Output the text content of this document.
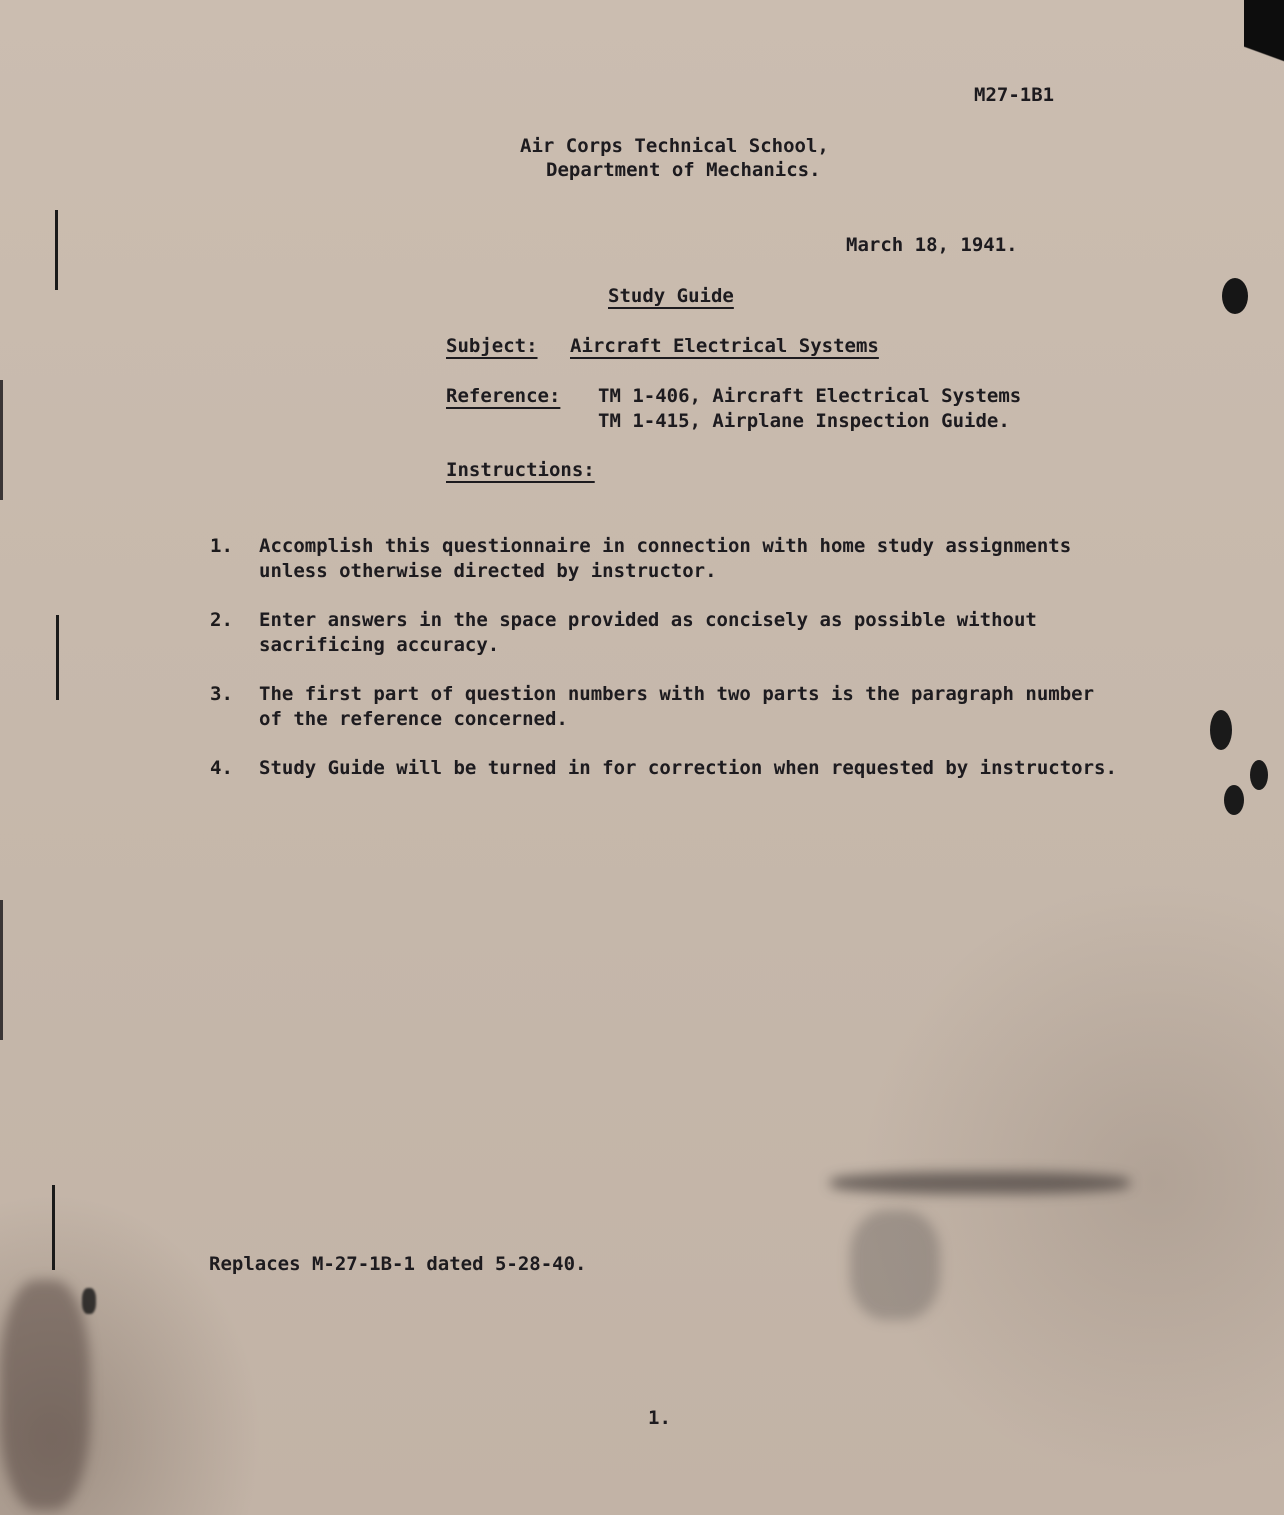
M27-1B1
Air Corps Technical School,
Department of Mechanics.
March 18, 1941.
Study Guide
Subject: Aircraft Electrical Systems
Reference: TM 1-406, Aircraft Electrical Systems
TM 1-415, Airplane Inspection Guide.
Instructions:
1. Accomplish this questionnaire in connection with home study assignments
unless otherwise directed by instructor.
2. Enter answers in the space provided as concisely as possible without
sacrificing accuracy.
3. The first part of question numbers with two parts is the paragraph number
of the reference concerned.
4. Study Guide will be turned in for correction when requested by instructors.
Replaces M-27-1B-1 dated 5-28-40.
1.
